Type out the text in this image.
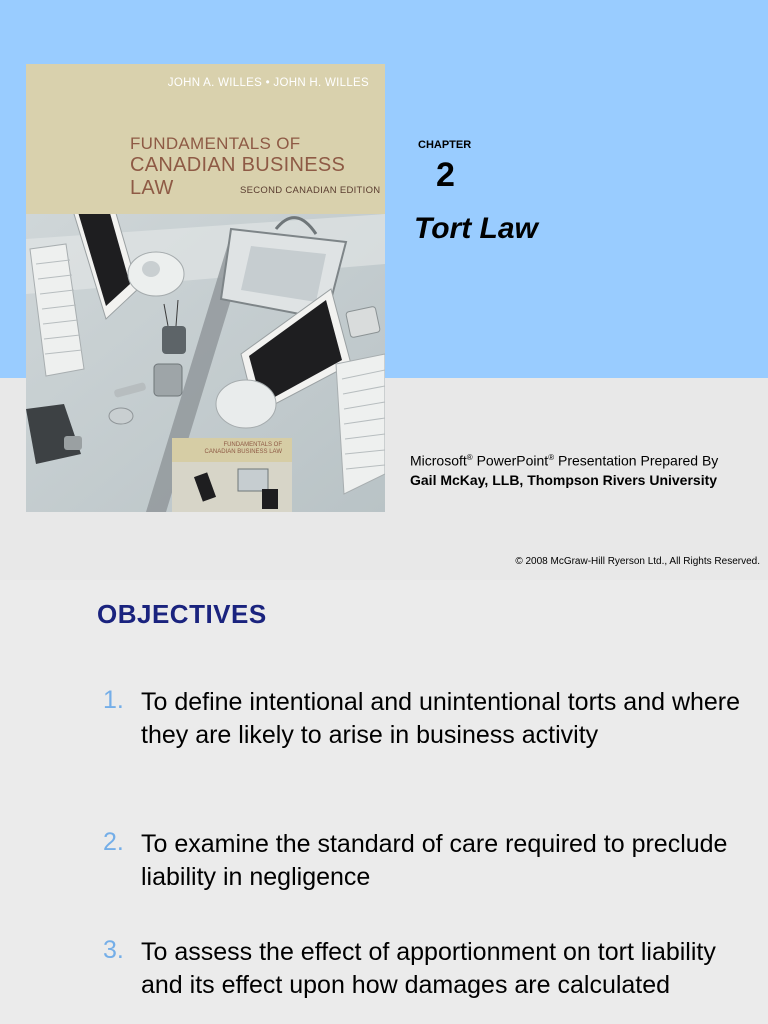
JOHN A. WILLES • JOHN H. WILLES
FUNDAMENTALS OF
CANADIAN BUSINESS LAW	SECOND CANADIAN EDITION
FUNDAMENTALS OF CANADIAN BUSINESS LAW
CHAPTER
2
Tort Law
Microsoft® PowerPoint® Presentation Prepared By
Gail McKay, LLB, Thompson Rivers University
© 2008 McGraw-Hill Ryerson Ltd., All Rights Reserved.
OBJECTIVES
1. To define intentional and unintentional torts and where they are likely to arise in business activity
2. To examine the standard of care required to preclude liability in negligence
3. To assess the effect of apportionment on tort liability and its effect upon how damages are calculated
